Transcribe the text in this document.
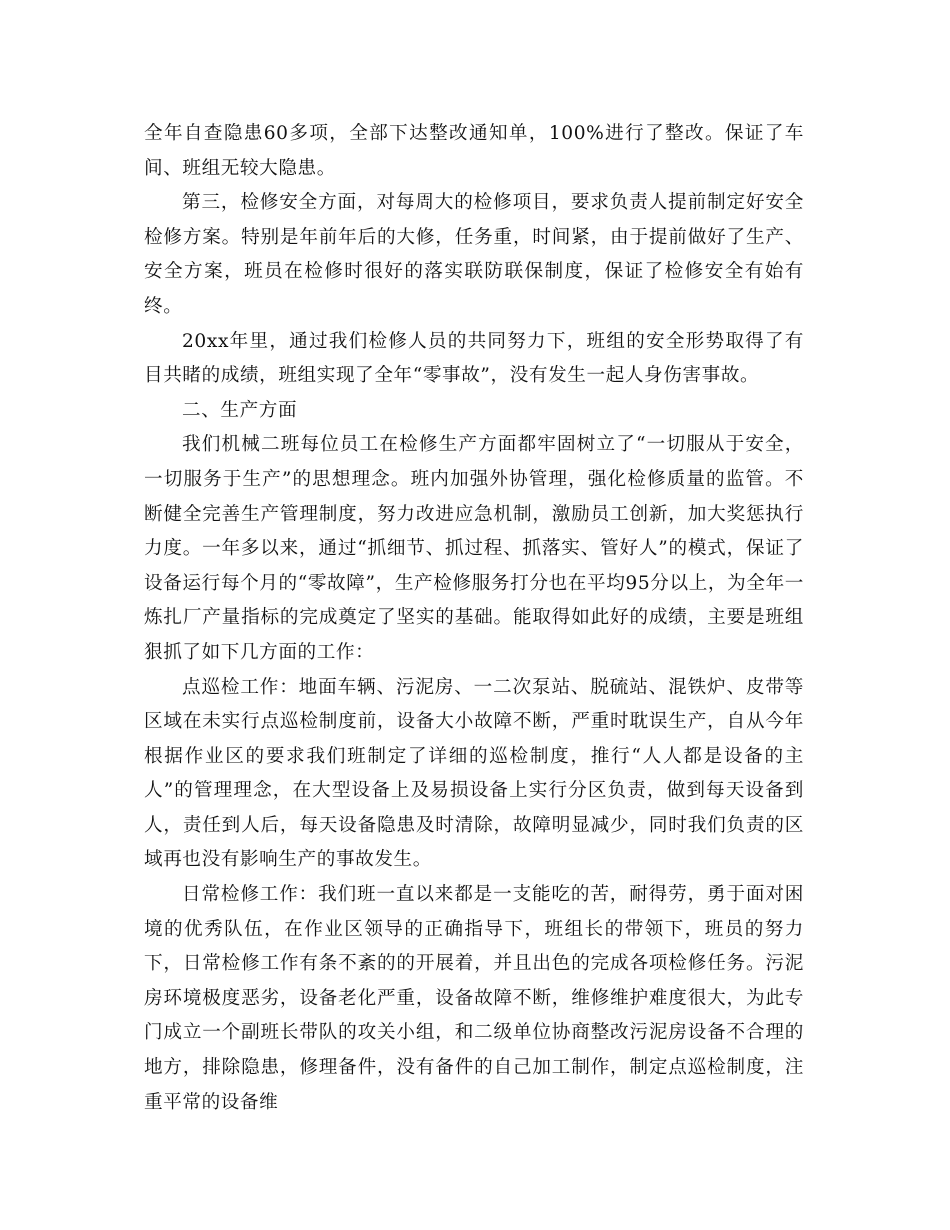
全年自查隐患60多项，全部下达整改通知单，100%进行了整改。保证了车间、班组无较大隐患。

第三，检修安全方面，对每周大的检修项目，要求负责人提前制定好安全检修方案。特别是年前年后的大修，任务重，时间紧，由于提前做好了生产、安全方案，班员在检修时很好的落实联防联保制度，保证了检修安全有始有终。

20xx年里，通过我们检修人员的共同努力下，班组的安全形势取得了有目共睹的成绩，班组实现了全年“零事故”，没有发生一起人身伤害事故。

二、生产方面

我们机械二班每位员工在检修生产方面都牢固树立了“一切服从于安全，一切服务于生产”的思想理念。班内加强外协管理，强化检修质量的监管。不断健全完善生产管理制度，努力改进应急机制，激励员工创新，加大奖惩执行力度。一年多以来，通过“抓细节、抓过程、抓落实、管好人”的模式，保证了设备运行每个月的“零故障”，生产检修服务打分也在平均95分以上，为全年一炼扎厂产量指标的完成奠定了坚实的基础。能取得如此好的成绩，主要是班组狠抓了如下几方面的工作：

点巡检工作：地面车辆、污泥房、一二次泵站、脱硫站、混铁炉、皮带等区域在未实行点巡检制度前，设备大小故障不断，严重时耽误生产，自从今年根据作业区的要求我们班制定了详细的巡检制度，推行“人人都是设备的主人”的管理理念，在大型设备上及易损设备上实行分区负责，做到每天设备到人，责任到人后，每天设备隐患及时清除，故障明显减少，同时我们负责的区域再也没有影响生产的事故发生。

日常检修工作：我们班一直以来都是一支能吃的苦，耐得劳，勇于面对困境的优秀队伍，在作业区领导的正确指导下，班组长的带领下，班员的努力下，日常检修工作有条不紊的的开展着，并且出色的完成各项检修任务。污泥房环境极度恶劣，设备老化严重，设备故障不断，维修维护难度很大，为此专门成立一个副班长带队的攻关小组，和二级单位协商整改污泥房设备不合理的地方，排除隐患，修理备件，没有备件的自己加工制作，制定点巡检制度，注重平常的设备维
